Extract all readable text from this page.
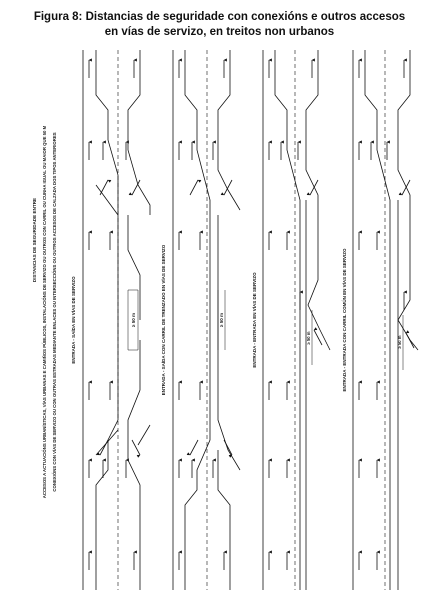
Figura 8: Distancias de seguridade con conexións e outros accesos
en vías de servizo, en treitos non urbanos
DISTANCIAS DE SEGURIDADE ENTRE ACCESOS A ACTUACIÓNS URBANÍSTICAS, VÍAS URBANAS E CAMIÑOS PÚBLICOS, INSTALACIÓNS DE SERVIZO OU OUTROS CON CARRIL OU CUNHA IGUAL OU MAIOR QUE 50 M CONEXIÓNS CON VÍAS DE SERVIZO OU CON OUTRAS ESTRADAS MEDIANTE ENLACES OU INTERSECCIÓNS OU OUTROS ACCESOS DE CALZADA DOS TIPOS ANTERIORES	ENTRADA - SAÍDA EN VÍAS DE SERVIZO	≥ 50 m	ENTRADA - SAÍDA CON CARRIL DE TRENZADO EN VÍAS DE SERVIZO	≥ 50 m	ENTRADA - ENTRADA EN VÍAS DE SERVIZO	≥ 50 m	ENTRADA - ENTRADA CON CARRIL COMÚN EN VÍAS DE SERVIZO	≥ 50 m
